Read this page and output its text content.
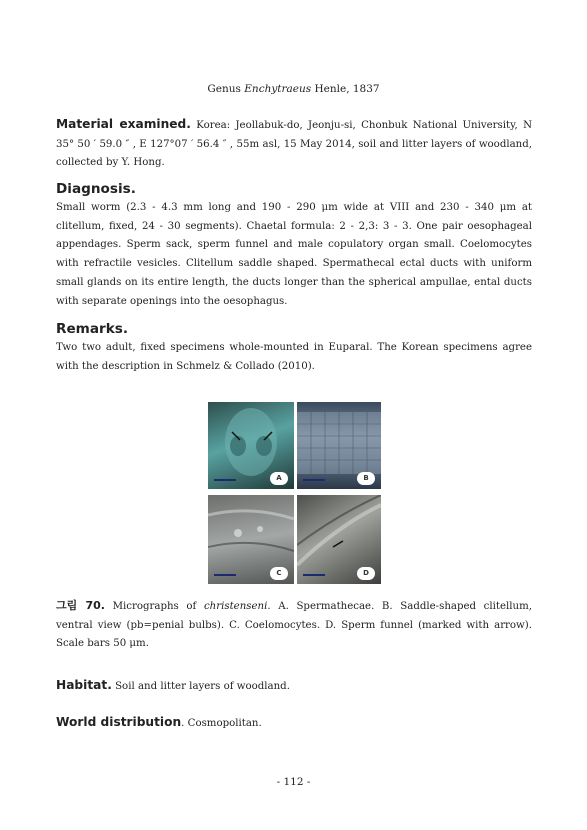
Genus Enchytraeus Henle, 1837

Material examined. Korea: Jeollabuk-do, Jeonju-si, Chonbuk National University, N 35° 50 ′ 59.0 ″ , E 127°07 ′ 56.4 ″ , 55m asl, 15 May 2014, soil and litter layers of woodland, collected by Y. Hong.

Diagnosis.

Small worm (2.3 - 4.3 mm long and 190 - 290 μm wide at VIII and 230 - 340 μm at clitellum, fixed, 24 - 30 segments). Chaetal formula: 2 - 2,3: 3 - 3. One pair oesophageal appendages. Sperm sack, sperm funnel and male copulatory organ small. Coelomocytes with refractile vesicles. Clitellum saddle shaped. Spermathecal ectal ducts with uniform small glands on its entire length, the ducts longer than the spherical ampullae, ental ducts with separate openings into the oesophagus.

Remarks.

Two two adult, fixed specimens whole-mounted in Euparal. The Korean specimens agree with the description in Schmelz & Collado (2010).

A	B
C	D

그림 70. Micrographs of christenseni. A. Spermathecae. B. Saddle-shaped clitellum, ventral view (pb=penial bulbs). C. Coelomocytes. D. Sperm funnel (marked with arrow). Scale bars 50 μm.

Habitat. Soil and litter layers of woodland.

World distribution. Cosmopolitan.

- 112 -
